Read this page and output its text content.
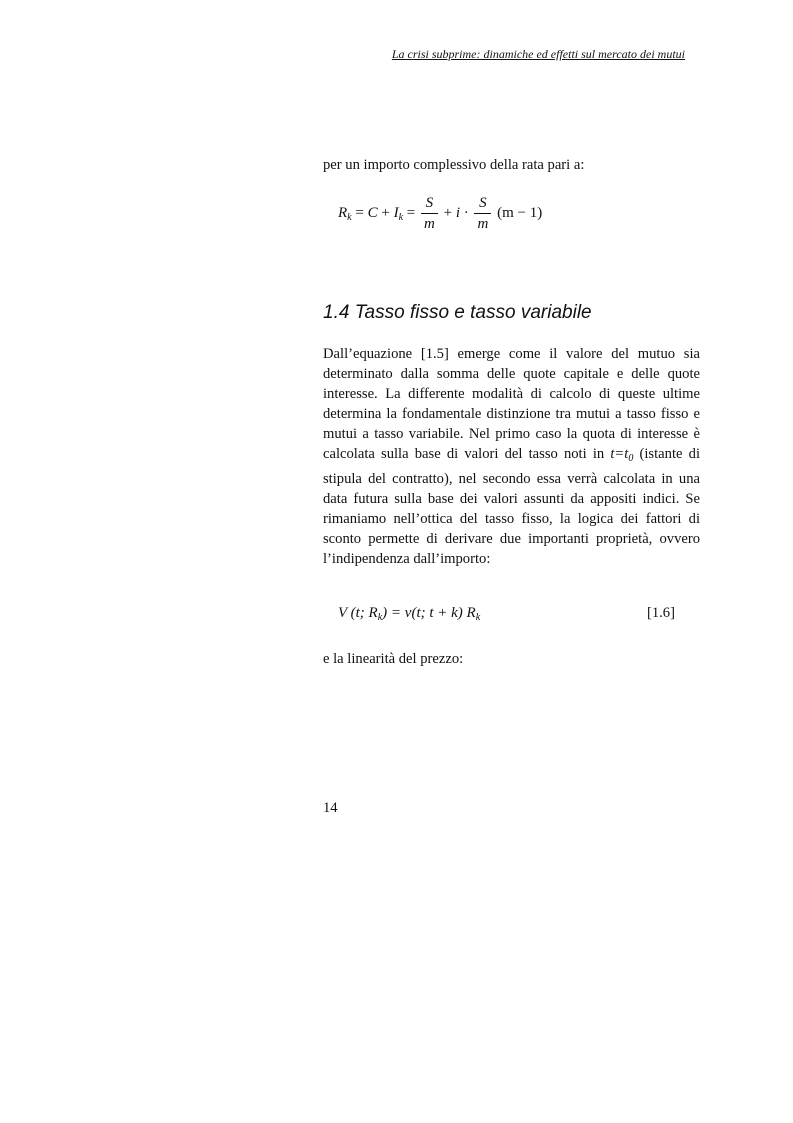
La crisi subprime: dinamiche ed effetti sul mercato dei mutui
per un importo complessivo della rata pari a:
$R_k = C + I_k = \frac{S}{m} + i \cdot \frac{S}{m} (m - 1)$
1.4 Tasso fisso e tasso variabile
Dall’equazione [1.5] emerge come il valore del mutuo sia determinato dalla somma delle quote capitale e delle quote interesse. La differente modalità di calcolo di queste ultime determina la fondamentale distinzione tra mutui a tasso fisso e mutui a tasso variabile. Nel primo caso la quota di interesse è calcolata sulla base di valori del tasso noti in $t=t_0$ (istante di stipula del contratto), nel secondo essa verrà calcolata in una data futura sulla base dei valori assunti da appositi indici. Se rimaniamo nell’ottica del tasso fisso, la logica dei fattori di sconto permette di derivare due importanti proprietà, ovvero l’indipendenza dall’importo:
V (t; $R_k) = v(t$; t + k) $R_k$	[1.6]
e la linearità del prezzo:
14
